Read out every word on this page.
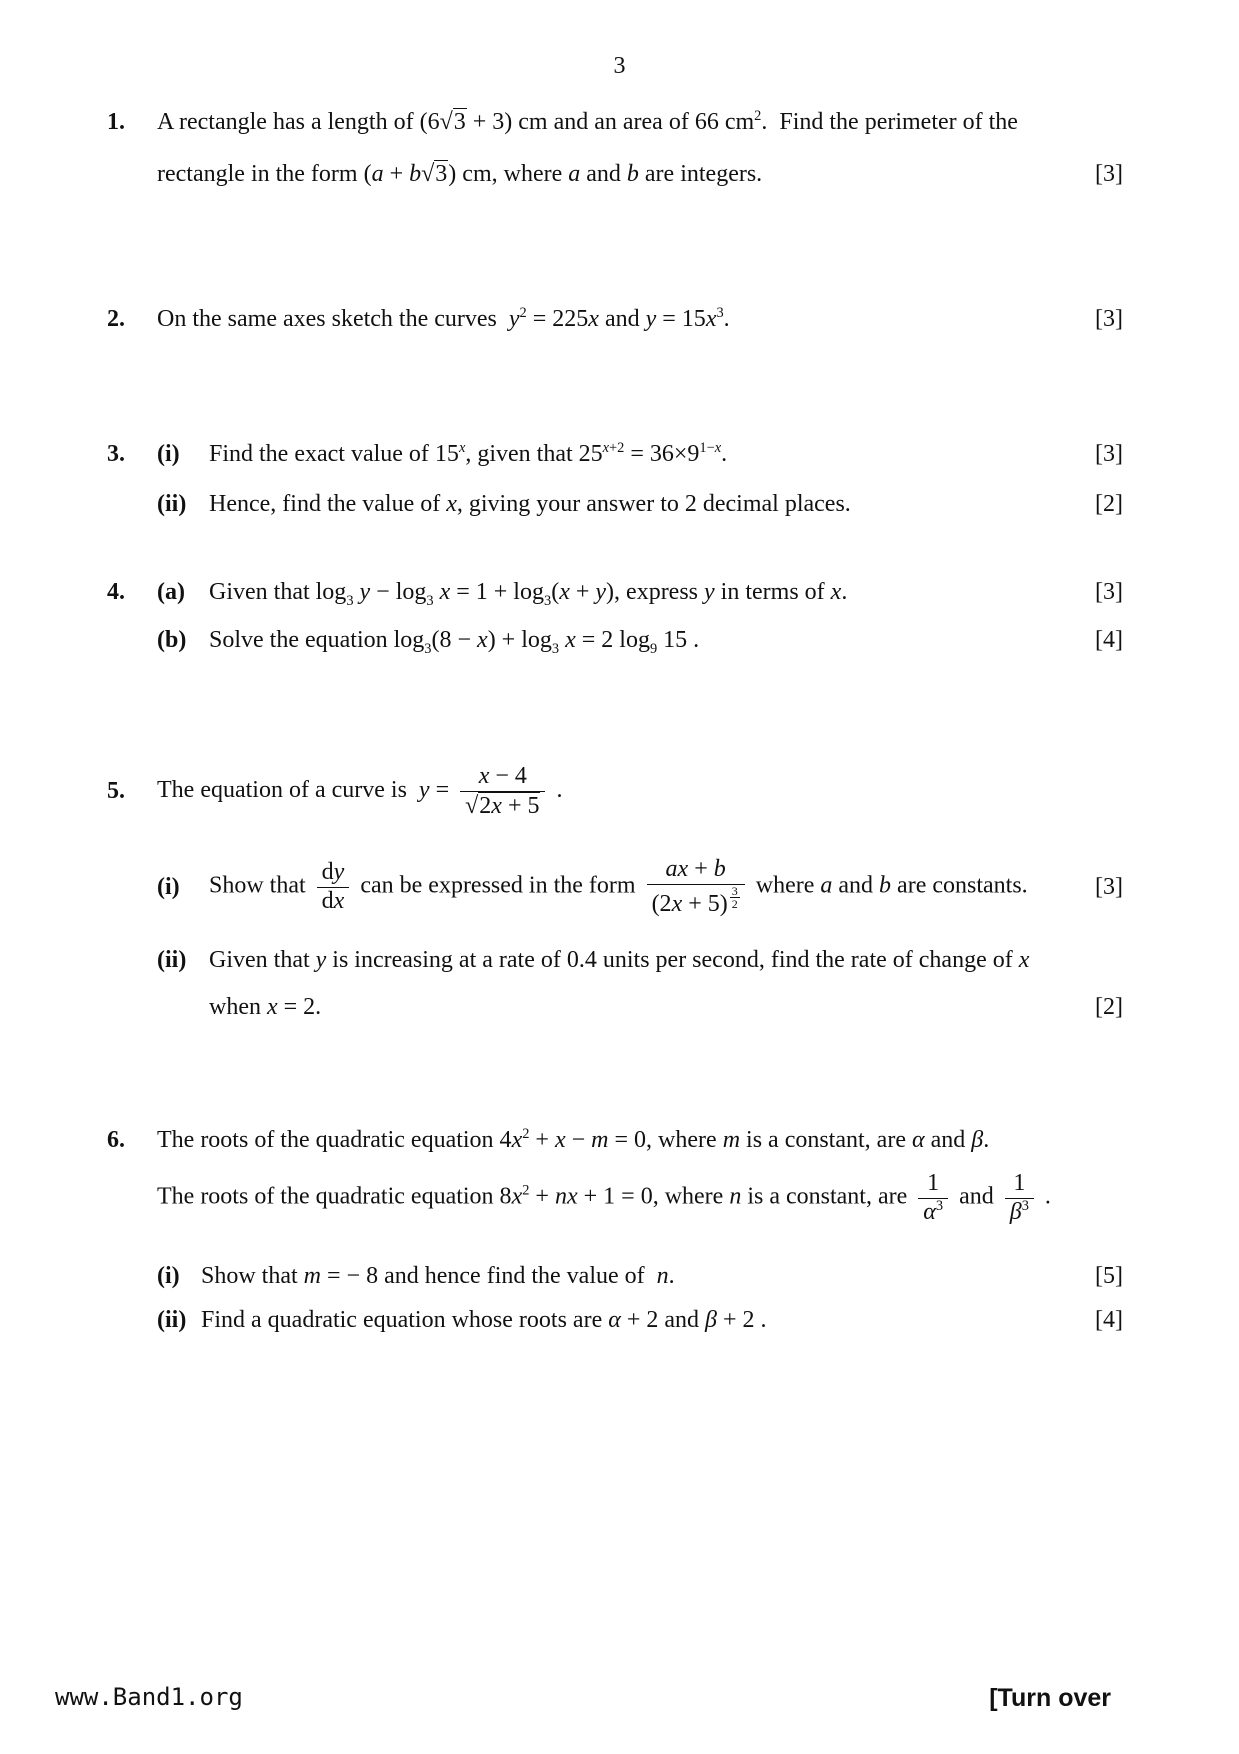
3
1.	A rectangle has a length of (6√3 + 3) cm and an area of 66 $cm^2$.  Find the perimeter of the
rectangle in the form (a + b√3) cm, where a and b are integers.	[3]
2.	On the same axes sketch the curves  $y^2 = 225x$ and $y = 15x^3$.	[3]
3.	(i)	Find the exact value of 15$^x$, given that $25^{x+2} = 36\times 9^{1-x}$.	[3]
(ii) Hence, find the value of x, giving your answer to 2 decimal places.	[2]
4.	(a)	Given that $\log_3 y - \log_3 x = 1 + \log_3(x + y)$, express y in terms of x.	[3]
(b) Solve the equation $\log_3(8 - x) + \log_3 x = 2$ $\log_9 15$ .	[4]
5.	The equation of a curve is  $y = \frac{x - 4}{√2x + 5}$ .
(i)	Show that $\frac{dy}{dx}$ can be expressed in the form $\frac{ax + b}{(2x + 5) \frac{3}{2}}$ where a and b are constants.	[3]
(ii) Given that y is increasing at a rate of 0.4 units per second, find the rate of change of x
when x = 2.	[2]
6.	The roots of the quadratic equation $4x^2 + x - m = 0$, where m is a constant, are α and β.
The roots of the quadratic equation $8x^2$ + nx + 1 = 0, where n is a constant, are $\frac{1}{\alpha^3}$ and $\frac{1}{\beta^3}$ .
(i) Show that m = − 8 and hence find the value of  n.	[5]
(ii) Find a quadratic equation whose roots are α + 2 and β + 2 .	[4]
www.Band1.org	[Turn over
